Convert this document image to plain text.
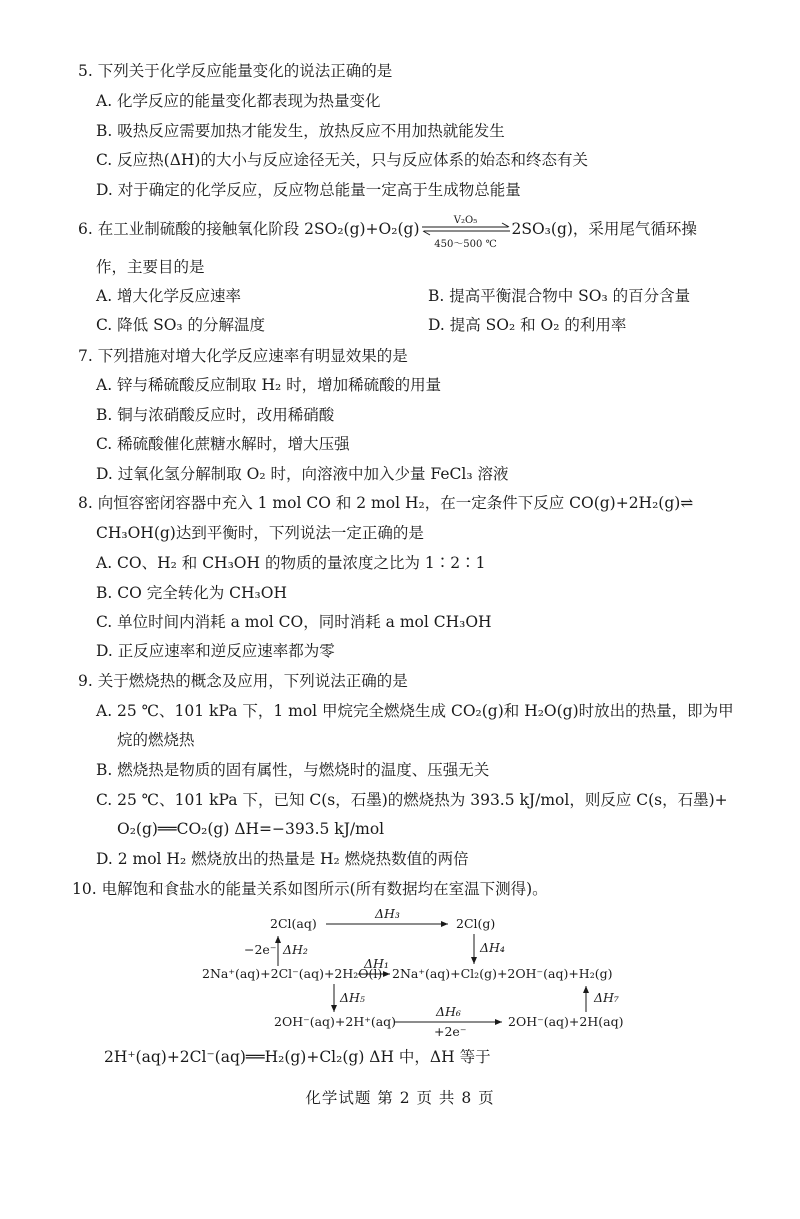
5. 下列关于化学反应能量变化的说法正确的是
A. 化学反应的能量变化都表现为热量变化
B. 吸热反应需要加热才能发生，放热反应不用加热就能发生
C. 反应热(ΔH)的大小与反应途径无关，只与反应体系的始态和终态有关
D. 对于确定的化学反应，反应物总能量一定高于生成物总能量
6. 在工业制硫酸的接触氧化阶段 2SO₂(g)+O₂(g)	V₂O₅
450～500 ℃
2SO₃(g)，采用尾气循环操
作，主要目的是
A. 增大化学反应速率	B. 提高平衡混合物中 SO₃ 的百分含量
C. 降低 SO₃ 的分解温度	D. 提高 SO₂ 和 O₂ 的利用率
7. 下列措施对增大化学反应速率有明显效果的是
A. 锌与稀硫酸反应制取 H₂ 时，增加稀硫酸的用量
B. 铜与浓硝酸反应时，改用稀硝酸
C. 稀硫酸催化蔗糖水解时，增大压强
D. 过氧化氢分解制取 O₂ 时，向溶液中加入少量 FeCl₃ 溶液
8. 向恒容密闭容器中充入 1 mol CO 和 2 mol H₂，在一定条件下反应 CO(g)+2H₂(g)⇌
CH₃OH(g)达到平衡时，下列说法一定正确的是
A. CO、H₂ 和 CH₃OH 的物质的量浓度之比为 1∶2∶1
B. CO 完全转化为 CH₃OH
C. 单位时间内消耗 a mol CO，同时消耗 a mol CH₃OH
D. 正反应速率和逆反应速率都为零
9. 关于燃烧热的概念及应用，下列说法正确的是
A. 25 ℃、101 kPa 下，1 mol 甲烷完全燃烧生成 CO₂(g)和 H₂O(g)时放出的热量，即为甲
烷的燃烧热
B. 燃烧热是物质的固有属性，与燃烧时的温度、压强无关
C. 25 ℃、101 kPa 下，已知 C(s，石墨)的燃烧热为 393.5 kJ/mol，则反应 C(s，石墨)+
O₂(g)══CO₂(g) ΔH=−393.5 kJ/mol
D. 2 mol H₂ 燃烧放出的热量是 H₂ 燃烧热数值的两倍
10. 电解饱和食盐水的能量关系如图所示(所有数据均在室温下测得)。
2Cl(aq)
ΔH₃
2Cl(g)
−2e⁻ ΔH₂	ΔH₄
2Na⁺(aq)+2Cl⁻(aq)+2H₂O(l)
ΔH₁
2Na⁺(aq)+Cl₂(g)+2OH⁻(aq)+H₂(g)
ΔH₅	ΔH₇
2OH⁻(aq)+2H⁺(aq)
ΔH₆
+2e⁻
2OH⁻(aq)+2H(aq)
2H⁺(aq)+2Cl⁻(aq)══H₂(g)+Cl₂(g) ΔH 中，ΔH 等于
化学试题 第 2 页 共 8 页
